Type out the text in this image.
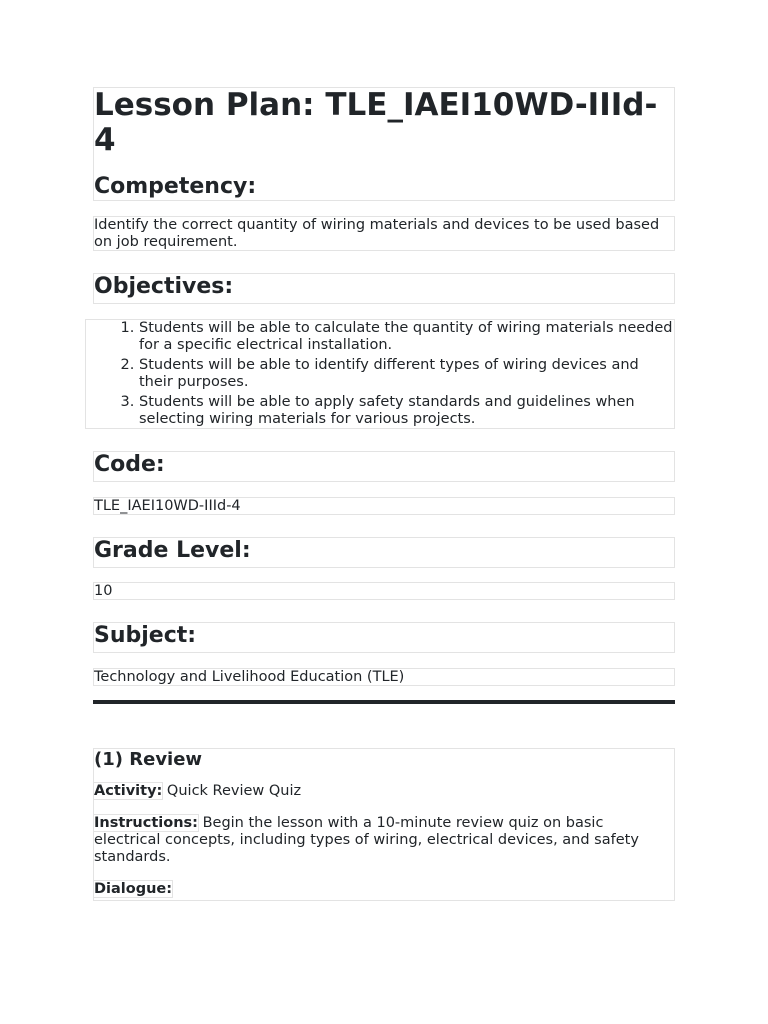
Lesson Plan: TLE_IAEI10WD-IIId-4
Competency:

Identify the correct quantity of wiring materials and devices to be used based on job requirement.

Objectives:
1. Students will be able to calculate the quantity of wiring materials needed for a specific electrical installation.
2. Students will be able to identify different types of wiring devices and their purposes.
3. Students will be able to apply safety standards and guidelines when selecting wiring materials for various projects.
Code:

TLE_IAEI10WD-IIId-4

Grade Level:

10

Subject:

Technology and Livelihood Education (TLE)

(1) Review

Activity: Quick Review Quiz

Instructions: Begin the lesson with a 10-minute review quiz on basic electrical concepts, including types of wiring, electrical devices, and safety standards.

Dialogue:
